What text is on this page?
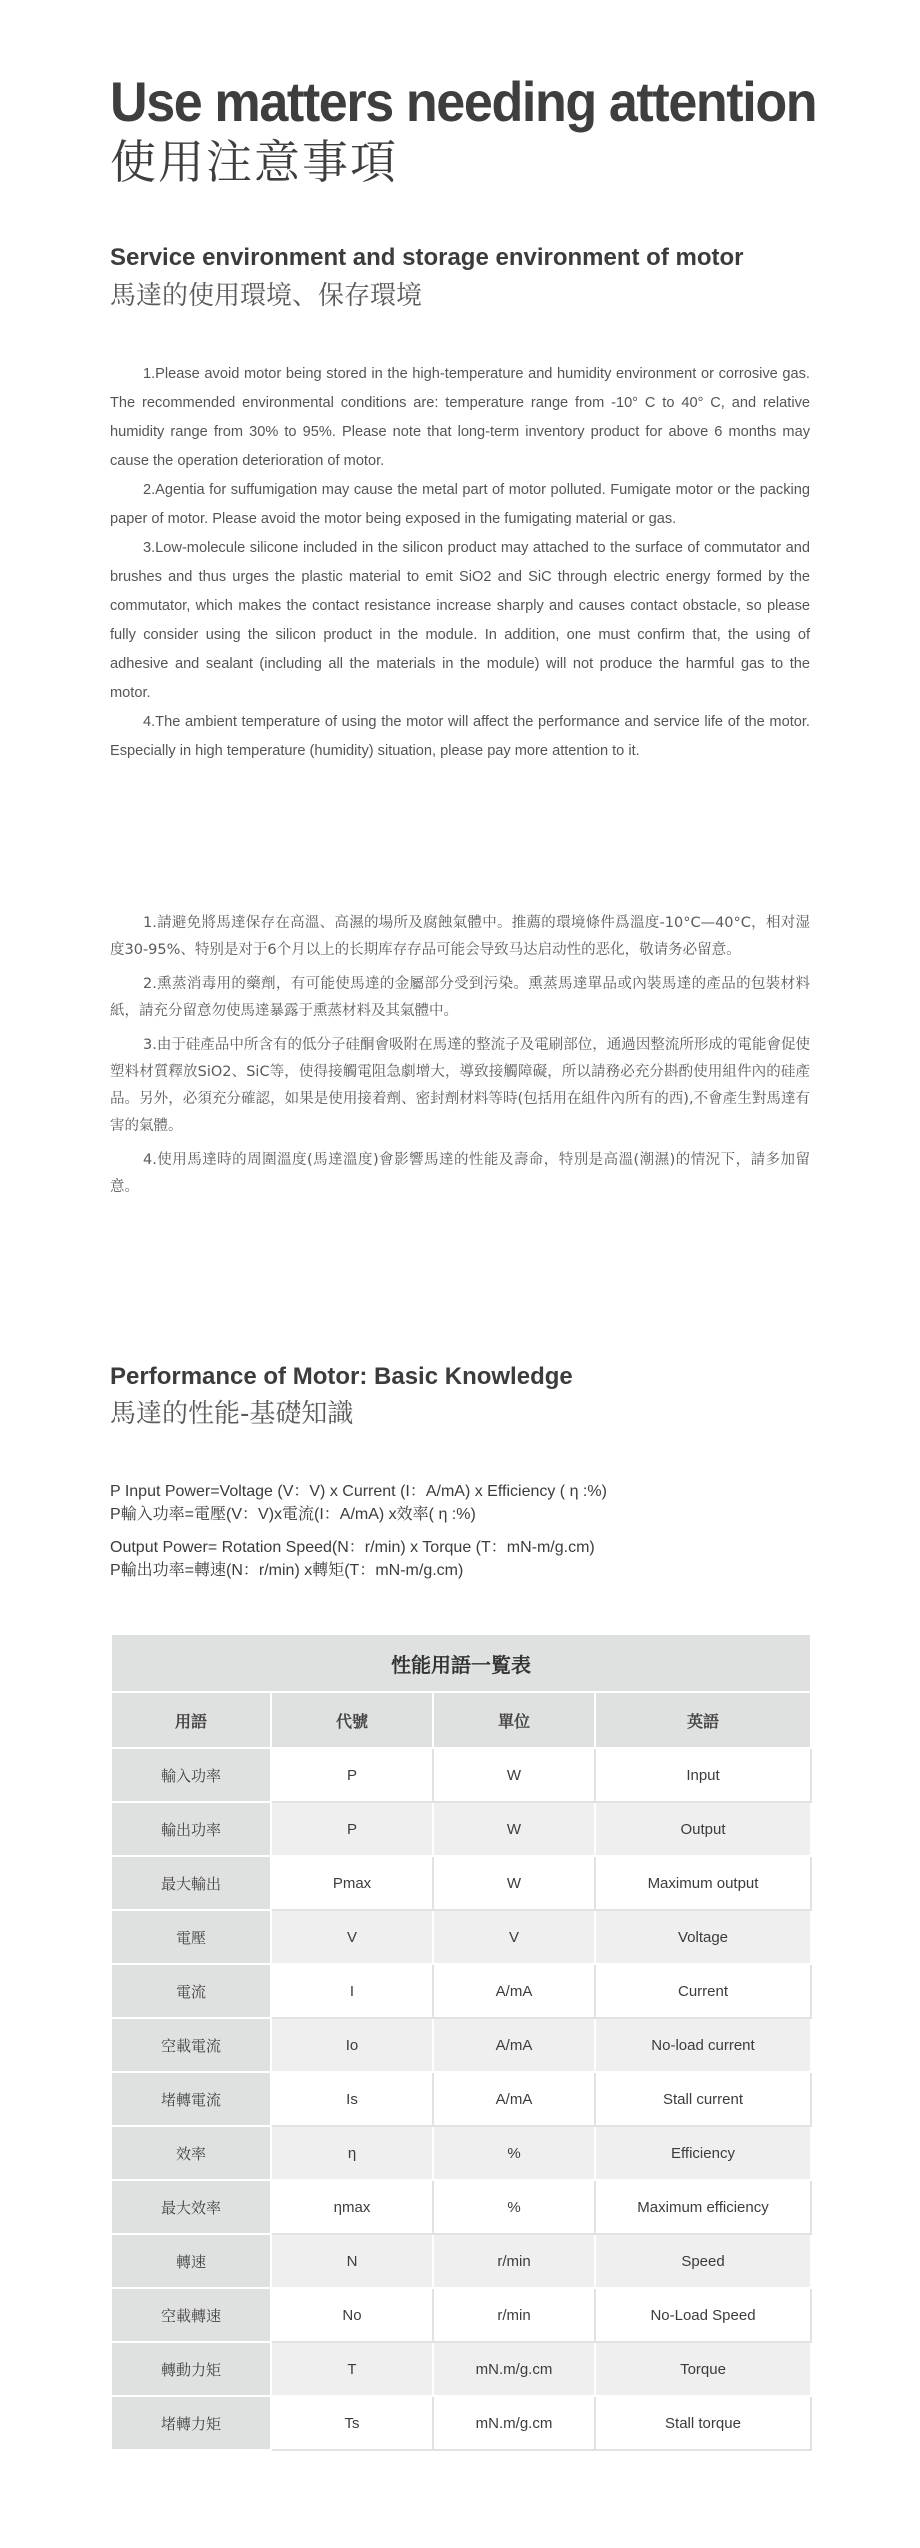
Use matters needing attention
使用注意事項
Service environment and storage environment of motor
馬達的使用環境、保存環境

1.Please avoid motor being stored in the high-temperature and humidity environment or corrosive gas. The recommended environmental conditions are: temperature range from -10° C to 40° C, and relative humidity range from 30% to 95%. Please note that long-term inventory product for above 6 months may cause the operation deterioration of motor.

2.Agentia for suffumigation may cause the metal part of motor polluted. Fumigate motor or the packing paper of motor. Please avoid the motor being exposed in the fumigating material or gas.

3.Low-molecule silicone included in the silicon product may attached to the surface of commutator and brushes and thus urges the plastic material to emit SiO2 and SiC through electric energy formed by the commutator, which makes the contact resistance increase sharply and causes contact obstacle, so please fully consider using the silicon product in the module. In addition, one must confirm that, the using of adhesive and sealant (including all the materials in the module) will not produce the harmful gas to the motor.

4.The ambient temperature of using the motor will affect the performance and service life of the motor. Especially in high temperature (humidity) situation, please pay more attention to it.

1.請避免將馬達保存在高溫、高濕的場所及腐蝕氣體中。推薦的環境條件爲溫度-10°C—40°C，相对湿度30-95%、特别是对于6个月以上的长期库存存品可能会导致马达启动性的恶化，敬请务必留意。

2.熏蒸消毒用的藥劑，有可能使馬達的金屬部分受到污染。熏蒸馬達單品或內裝馬達的產品的包裝材料紙，請充分留意勿使馬達暴露于熏蒸材料及其氣體中。

3.由于硅產品中所含有的低分子硅酮會吸附在馬達的整流子及電刷部位，通過因整流所形成的電能會促使塑料材質釋放SiO2、SiC等，使得接觸電阻急劇增大，導致接觸障礙，所以請務必充分斟酌使用組件內的硅產品。另外，必須充分確認，如果是使用接着劑、密封劑材料等時(包括用在組件內所有的西),不會產生對馬達有害的氣體。

4.使用馬達時的周圍溫度(馬達溫度)會影響馬達的性能及壽命，特別是高溫(潮濕)的情況下，請多加留意。

Performance of Motor: Basic Knowledge
馬達的性能-基礎知識
P Input Power=Voltage (V：V) x Current (I：A/mA) x Efficiency ( η :%)
P輸入功率=電壓(V：V)x電流(I：A/mA) x效率( η :%)
Output Power= Rotation Speed(N：r/min) x Torque (T：mN-m/g.cm)
P輸出功率=轉速(N：r/min) x轉矩(T：mN-m/g.cm)
性能用語一覧表			
用語	代號	單位	英語
輸入功率	P	W	Input
輸出功率	P	W	Output
最大輸出	Pmax	W	Maximum output
電壓	V	V	Voltage
電流	I	A/mA	Current
空載電流	Io	A/mA	No-load current
堵轉電流	Is	A/mA	Stall current
效率	η	%	Efficiency
最大效率	ηmax	%	Maximum efficiency
轉速	N	r/min	Speed
空載轉速	No	r/min	No-Load Speed
轉動力矩	T	mN.m/g.cm	Torque
堵轉力矩	Ts	mN.m/g.cm	Stall torque
